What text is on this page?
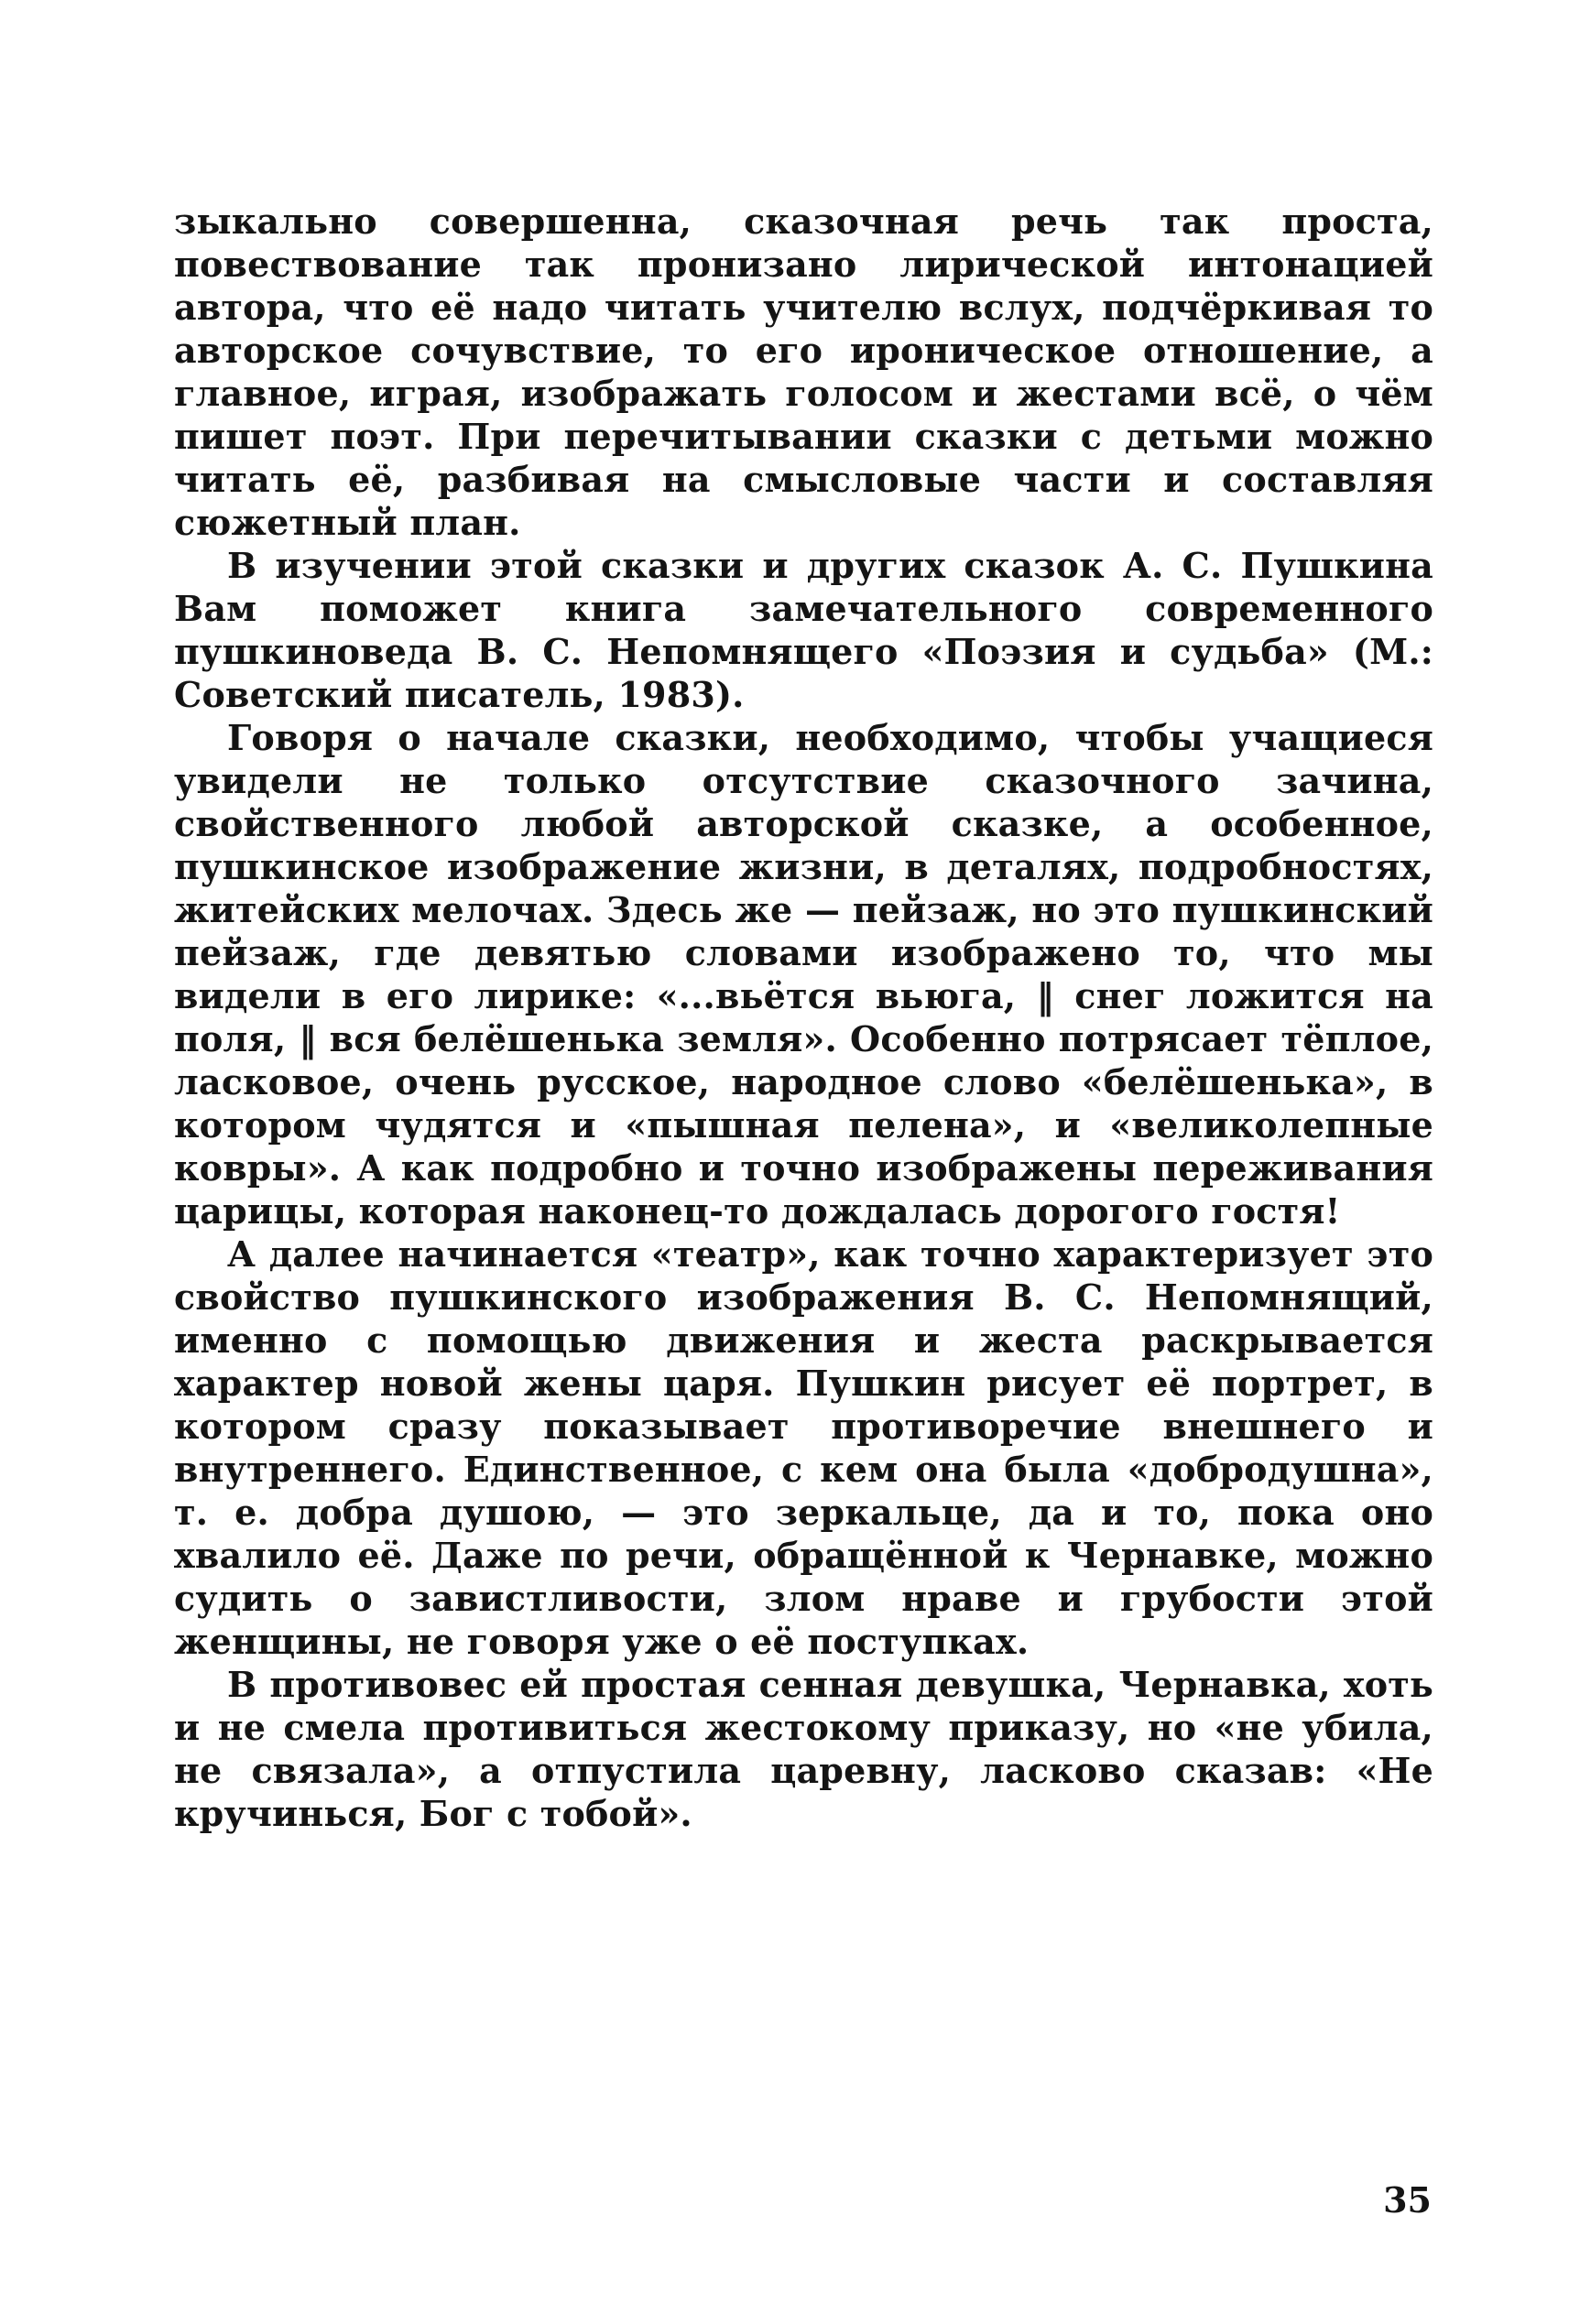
зыкально совершенна, сказочная речь так проста, повествование так пронизано лирической интонацией автора, что её надо читать учителю вслух, подчёркивая то авторское сочувствие, то его ироническое отношение, а главное, играя, изображать голосом и жестами всё, о чём пишет поэт. При перечитывании сказки с детьми можно читать её, разбивая на смысловые части и составляя сюжетный план.

В изучении этой сказки и других сказок А. С. Пушкина Вам поможет книга замечательного современного пушкиноведа В. С. Непомнящего «Поэзия и судьба» (М.: Советский писатель, 1983).

Говоря о начале сказки, необходимо, чтобы учащиеся увидели не только отсутствие сказочного зачина, свойственного любой авторской сказке, а особенное, пушкинское изображение жизни, в деталях, подробностях, житейских мелочах. Здесь же — пейзаж, но это пушкинский пейзаж, где девятью словами изображено то, что мы видели в его лирике: «...вьётся вьюга, ‖ снег ложится на поля, ‖ вся белёшенька земля». Особенно потрясает тёплое, ласковое, очень русское, народное слово «белёшенька», в котором чудятся и «пышная пелена», и «великолепные ковры». А как подробно и точно изображены переживания царицы, которая наконец-то дождалась дорогого гостя!

А далее начинается «театр», как точно характеризует это свойство пушкинского изображения В. С. Непомнящий, именно с помощью движения и жеста раскрывается характер новой жены царя. Пушкин рисует её портрет, в котором сразу показывает противоречие внешнего и внутреннего. Единственное, с кем она была «добродушна», т. е. добра душою, — это зеркальце, да и то, пока оно хвалило её. Даже по речи, обращённой к Чернавке, можно судить о завистливости, злом нраве и грубости этой женщины, не говоря уже о её поступках.

В противовес ей простая сенная девушка, Чернавка, хоть и не смела противиться жестокому приказу, но «не убила, не связала», а отпустила царевну, ласково сказав: «Не кручинься, Бог с тобой».

35
